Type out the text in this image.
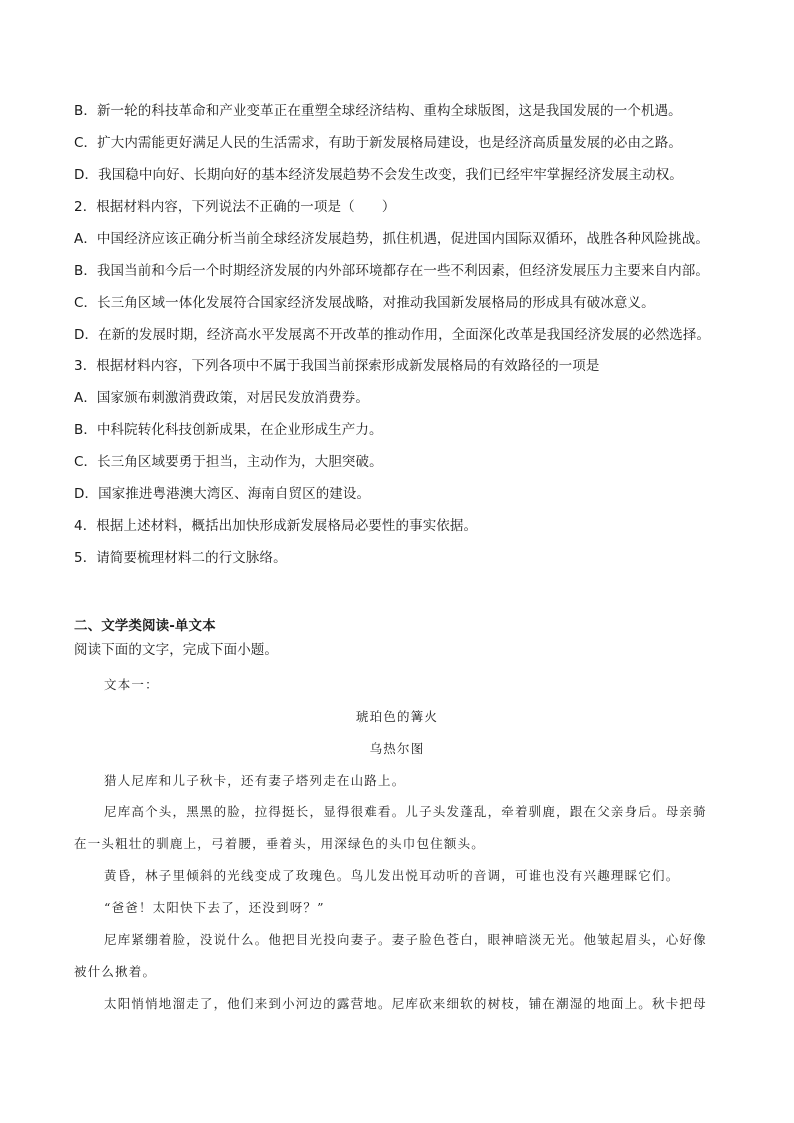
B．新一轮的科技革命和产业变革正在重塑全球经济结构、重构全球版图，这是我国发展的一个机遇。
C．扩大内需能更好满足人民的生活需求，有助于新发展格局建设，也是经济高质量发展的必由之路。
D．我国稳中向好、长期向好的基本经济发展趋势不会发生改变，我们已经牢牢掌握经济发展主动权。
2．根据材料内容，下列说法不正确的一项是（　　）
A．中国经济应该正确分析当前全球经济发展趋势，抓住机遇，促进国内国际双循环，战胜各种风险挑战。
B．我国当前和今后一个时期经济发展的内外部环境都存在一些不利因素，但经济发展压力主要来自内部。
C．长三角区域一体化发展符合国家经济发展战略，对推动我国新发展格局的形成具有破冰意义。
D．在新的发展时期，经济高水平发展离不开改革的推动作用，全面深化改革是我国经济发展的必然选择。
3．根据材料内容，下列各项中不属于我国当前探索形成新发展格局的有效路径的一项是
A．国家颁布刺激消费政策，对居民发放消费券。
B．中科院转化科技创新成果，在企业形成生产力。
C．长三角区域要勇于担当，主动作为，大胆突破。
D．国家推进粤港澳大湾区、海南自贸区的建设。
4．根据上述材料，概括出加快形成新发展格局必要性的事实依据。
5．请简要梳理材料二的行文脉络。
二、文学类阅读-单文本
阅读下面的文字，完成下面小题。
文本一：
琥珀色的篝火
乌热尔图
猎人尼库和儿子秋卡，还有妻子塔列走在山路上。
尼库高个头，黑黑的脸，拉得挺长，显得很难看。儿子头发蓬乱，牵着驯鹿，跟在父亲身后。母亲骑
在一头粗壮的驯鹿上，弓着腰，垂着头，用深绿色的头巾包住额头。
黄昏，林子里倾斜的光线变成了玫瑰色。鸟儿发出悦耳动听的音调，可谁也没有兴趣理睬它们。
“爸爸！太阳快下去了，还没到呀？”
尼库紧绷着脸，没说什么。他把目光投向妻子。妻子脸色苍白，眼神暗淡无光。他皱起眉头，心好像
被什么揪着。
太阳悄悄地溜走了，他们来到小河边的露营地。尼库砍来细软的树枝，铺在潮湿的地面上。秋卡把母
